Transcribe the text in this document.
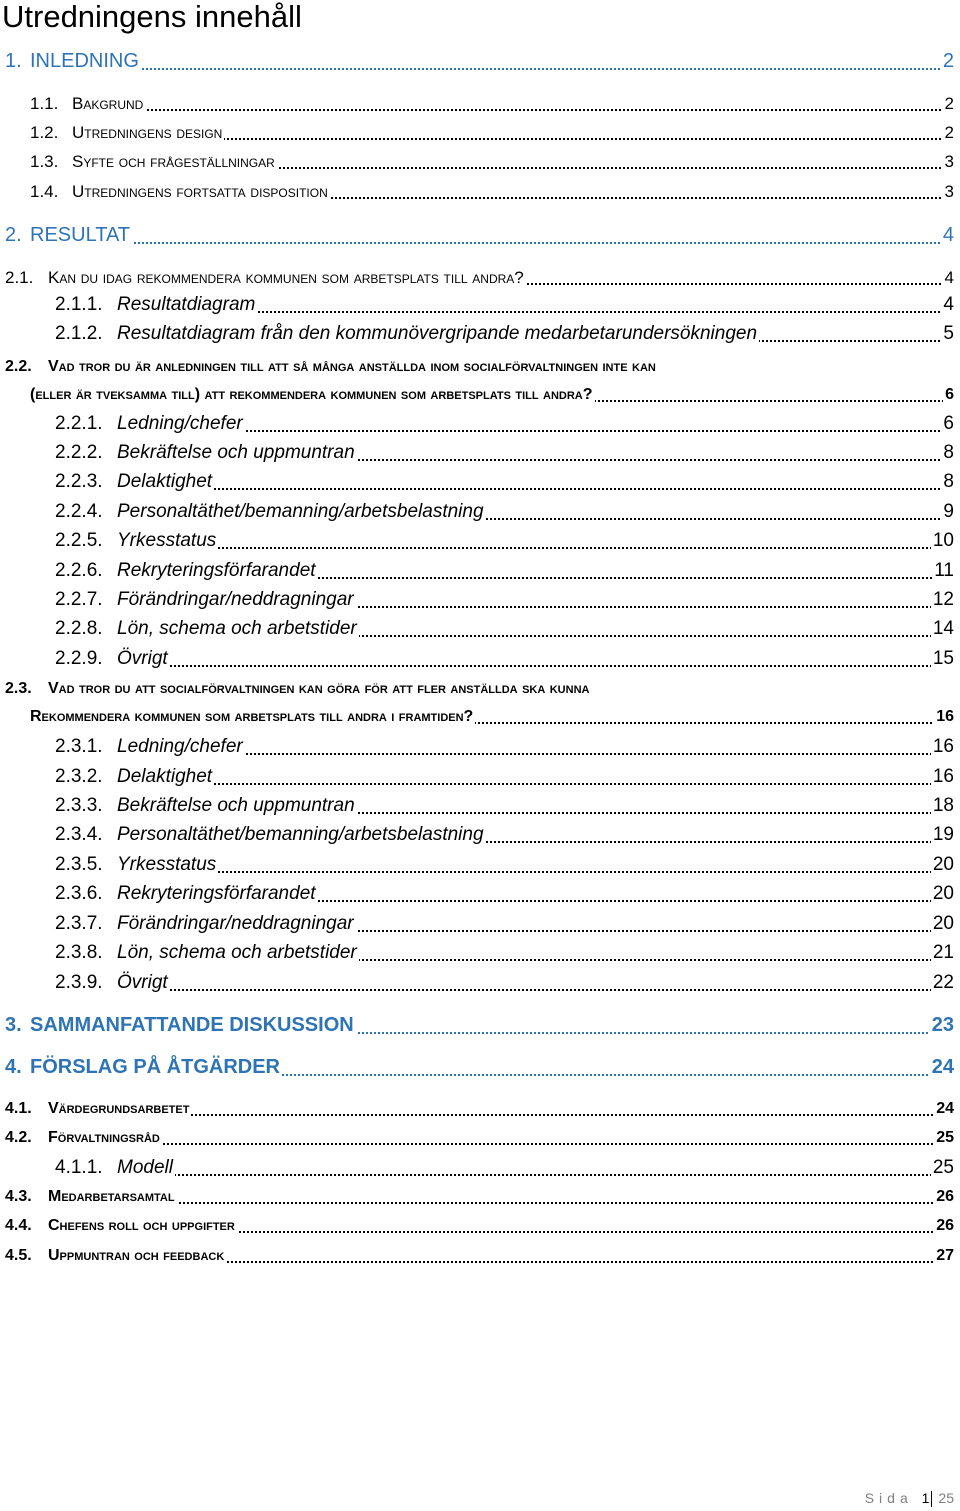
Utredningens innehåll
1. INLEDNING	2
1.1. Bakgrund	2
1.2. Utredningens design	2
1.3. Syfte och frågeställningar	3
1.4. Utredningens fortsatta disposition	3
2. RESULTAT	4
2.1. Kan du idag rekommendera kommunen som arbetsplats till andra?	4
2.1.1. Resultatdiagram	4
2.1.2. Resultatdiagram från den kommunövergripande medarbetarundersökningen	5
2.2. Vad tror du är anledningen till att så många anställda inom socialförvaltningen inte kan
(eller är tveksamma till) att rekommendera kommunen som arbetsplats till andra?	6
2.2.1. Ledning/chefer	6
2.2.2. Bekräftelse och uppmuntran	8
2.2.3. Delaktighet	8
2.2.4. Personaltäthet/bemanning/arbetsbelastning	9
2.2.5. Yrkesstatus	10
2.2.6. Rekryteringsförfarandet	11
2.2.7. Förändringar/neddragningar	12
2.2.8. Lön, schema och arbetstider	14
2.2.9. Övrigt	15
2.3. Vad tror du att socialförvaltningen kan göra för att fler anställda ska kunna
Rekommendera kommunen som arbetsplats till andra i framtiden?	16
2.3.1. Ledning/chefer	16
2.3.2. Delaktighet	16
2.3.3. Bekräftelse och uppmuntran	18
2.3.4. Personaltäthet/bemanning/arbetsbelastning	19
2.3.5. Yrkesstatus	20
2.3.6. Rekryteringsförfarandet	20
2.3.7. Förändringar/neddragningar	20
2.3.8. Lön, schema och arbetstider	21
2.3.9. Övrigt	22
3. SAMMANFATTANDE DISKUSSION	23
4. FÖRSLAG PÅ ÅTGÄRDER	24
4.1. Värdegrundsarbetet	24
4.2. Förvaltningsråd	25
4.1.1. Modell	25
4.3. Medarbetarsamtal	26
4.4. Chefens roll och uppgifter	26
4.5. Uppmuntran och feedback	27
Sida 1 25
